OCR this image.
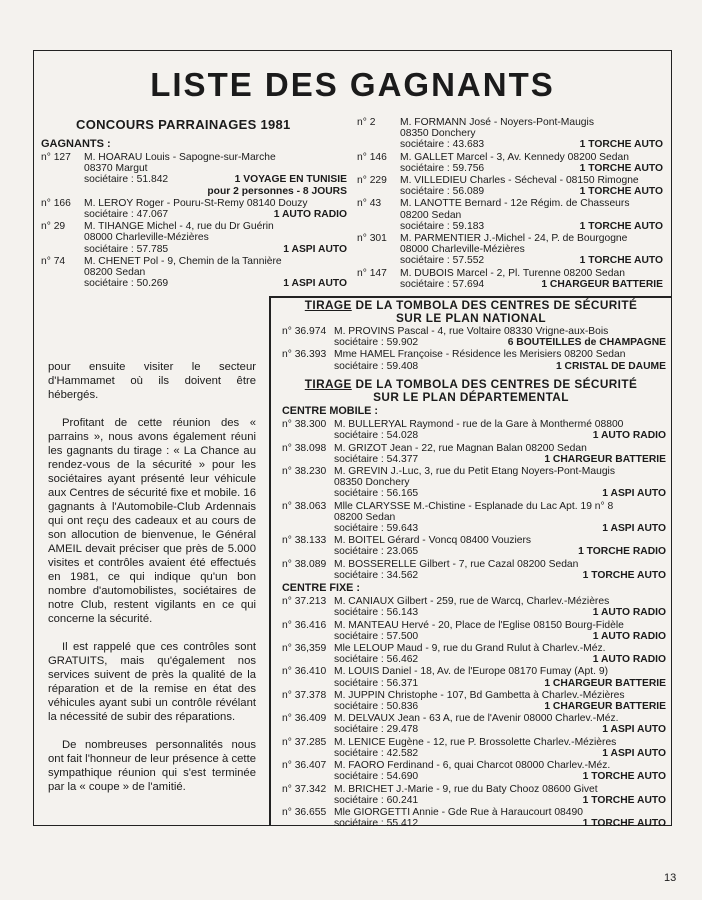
LISTE DES GAGNANTS
CONCOURS PARRAINAGES 1981
GAGNANTS :
n° 127 M. HOARAU Louis - Sapogne-sur-Marche
08370 Margut
sociétaire : 51.842	1 VOYAGE EN TUNISIE
pour 2 personnes - 8 JOURS
n° 166 M. LEROY Roger - Pouru-St-Remy 08140 Douzy
sociétaire : 47.067	1 AUTO RADIO
n° 29 M. TIHANGE Michel - 4, rue du Dr Guérin
08000 Charleville-Mézières
sociétaire : 57.785	1 ASPI AUTO
n° 74 M. CHENET Pol - 9, Chemin de la Tannière
08200 Sedan
sociétaire : 50.269	1 ASPI AUTO
n° 2 M. FORMANN José - Noyers-Pont-Maugis
08350 Donchery
sociétaire : 43.683	1 TORCHE AUTO
n° 146 M. GALLET Marcel - 3, Av. Kennedy 08200 Sedan
sociétaire : 59.756	1 TORCHE AUTO
n° 229 M. VILLEDIEU Charles - Sécheval - 08150 Rimogne
sociétaire : 56.089	1 TORCHE AUTO
n° 43 M. LANOTTE Bernard - 12e Régim. de Chasseurs
08200 Sedan
sociétaire : 59.183	1 TORCHE AUTO
n° 301 M. PARMENTIER J.-Michel - 24, P. de Bourgogne
08000 Charleville-Mézières
sociétaire : 57.552	1 TORCHE AUTO
n° 147 M. DUBOIS Marcel - 2, Pl. Turenne 08200 Sedan
sociétaire : 57.694	1 CHARGEUR BATTERIE
TIRAGE DE LA TOMBOLA DES CENTRES DE SÉCURITÉ
SUR LE PLAN NATIONAL
n° 36.974 M. PROVINS Pascal - 4, rue Voltaire 08330 Vrigne-aux-Bois
sociétaire : 59.902	6 BOUTEILLES de CHAMPAGNE
n° 36.393 Mme HAMEL Françoise - Résidence les Merisiers 08200 Sedan
sociétaire : 59.408	1 CRISTAL DE DAUME
TIRAGE DE LA TOMBOLA DES CENTRES DE SÉCURITÉ
SUR LE PLAN DÉPARTEMENTAL
CENTRE MOBILE :
n° 38.300 M. BULLERYAL Raymond - rue de la Gare à Monthermé 08800
sociétaire : 54.028	1 AUTO RADIO
n° 38.098 M. GRIZOT Jean - 22, rue Magnan Balan 08200 Sedan
sociétaire : 54.377	1 CHARGEUR BATTERIE
n° 38.230 M. GREVIN J.-Luc, 3, rue du Petit Etang Noyers-Pont-Maugis
08350 Donchery
sociétaire : 56.165	1 ASPI AUTO
n° 38.063 Mlle CLARYSSE M.-Chistine - Esplanade du Lac Apt. 19 n° 8
08200 Sedan
sociétaire : 59.643	1 ASPI AUTO
n° 38.133 M. BOITEL Gérard - Voncq 08400 Vouziers
sociétaire : 23.065	1 TORCHE RADIO
n° 38.089 M. BOSSERELLE Gilbert - 7, rue Cazal 08200 Sedan
sociétaire : 34.562	1 TORCHE AUTO
CENTRE FIXE :
n° 37.213 M. CANIAUX Gilbert - 259, rue de Warcq, Charlev.-Mézières
sociétaire : 56.143	1 AUTO RADIO
n° 36.416 M. MANTEAU Hervé - 20, Place de l'Eglise 08150 Bourg-Fidèle
sociétaire : 57.500	1 AUTO RADIO
n° 36,359 Mle LELOUP Maud - 9, rue du Grand Rulut à Charlev.-Méz.
sociétaire : 56.462	1 AUTO RADIO
n° 36.410 M. LOUIS Daniel - 18, Av. de l'Europe 08170 Fumay (Apt. 9)
sociétaire : 56.371	1 CHARGEUR BATTERIE
n° 37.378 M. JUPPIN Christophe - 107, Bd Gambetta à Charlev.-Mézières
sociétaire : 50.836	1 CHARGEUR BATTERIE
n° 36.409 M. DELVAUX Jean - 63 A, rue de l'Avenir 08000 Charlev.-Méz.
sociétaire : 29.478	1 ASPI AUTO
n° 37.285 M. LENICE Eugène - 12, rue P. Brossolette Charlev.-Mézières
sociétaire : 42.582	1 ASPI AUTO
n° 36.407 M. FAORO Ferdinand - 6, quai Charcot 08000 Charlev.-Méz.
sociétaire : 54.690	1 TORCHE AUTO
n° 37.342 M. BRICHET J.-Marie - 9, rue du Baty Chooz 08600 Givet
sociétaire : 60.241	1 TORCHE AUTO
n° 36.655 Mle GIORGETTI Annie - Gde Rue à Haraucourt 08490
sociétaire : 55.412	1 TORCHE AUTO

pour ensuite visiter le secteur d'Hammamet où ils doivent être hébergés.

Profitant de cette réunion des « parrains », nous avons également réuni les gagnants du tirage : « La Chance au rendez-vous de la sécurité » pour les sociétaires ayant présenté leur véhicule aux Centres de sécurité fixe et mobile. 16 gagnants à l'Automobile-Club Ardennais qui ont reçu des cadeaux et au cours de son allocution de bienvenue, le Général AMEIL devait préciser que près de 5.000 visites et contrôles avaient été effectués en 1981, ce qui indique qu'un bon nombre d'automobilistes, sociétaires de notre Club, restent vigilants en ce qui concerne la sécurité.

Il est rappelé que ces contrôles sont GRATUITS, mais qu'également nos services suivent de près la qualité de la réparation et de la remise en état des véhicules ayant subi un contrôle révélant la nécessité de subir des réparations.

De nombreuses personnalités nous ont fait l'honneur de leur présence à cette sympathique réunion qui s'est terminée par la « coupe » de l'amitié.

13
